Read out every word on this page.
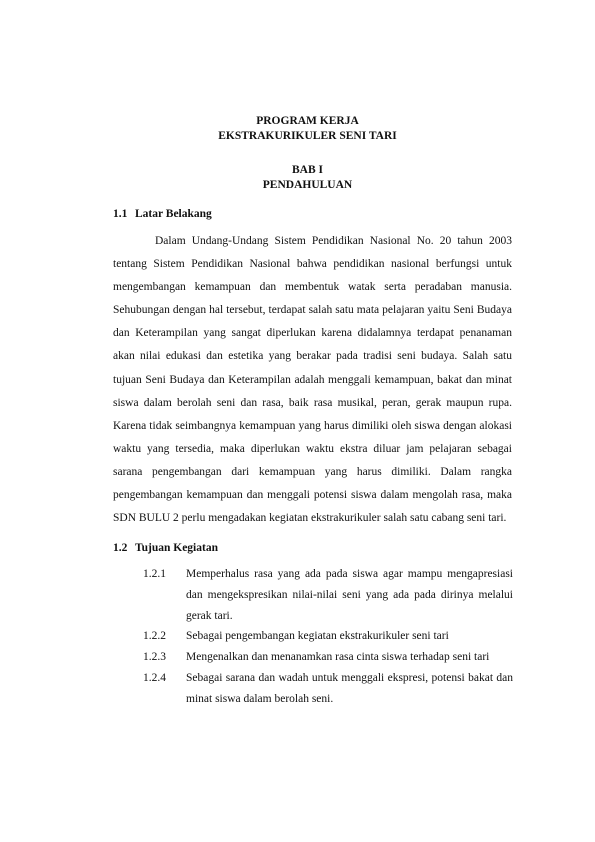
PROGRAM KERJA
EKSTRAKURIKULER SENI TARI
BAB I
PENDAHULUAN
1.1 Latar Belakang

Dalam Undang-Undang Sistem Pendidikan Nasional No. 20 tahun 2003 tentang Sistem Pendidikan Nasional bahwa pendidikan nasional berfungsi untuk mengembangan kemampuan dan membentuk watak serta peradaban manusia. Sehubungan dengan hal tersebut, terdapat salah satu mata pelajaran yaitu Seni Budaya dan Keterampilan yang sangat diperlukan karena didalamnya terdapat penanaman akan nilai edukasi dan estetika yang berakar pada tradisi seni budaya. Salah satu tujuan Seni Budaya dan Keterampilan adalah menggali kemampuan, bakat dan minat siswa dalam berolah seni dan rasa, baik rasa musikal, peran, gerak maupun rupa. Karena tidak seimbangnya kemampuan yang harus dimiliki oleh siswa dengan alokasi waktu yang tersedia, maka diperlukan waktu ekstra diluar jam pelajaran sebagai sarana pengembangan dari kemampuan yang harus dimiliki. Dalam rangka pengembangan kemampuan dan menggali potensi siswa dalam mengolah rasa, maka SDN BULU 2 perlu mengadakan kegiatan ekstrakurikuler salah satu cabang seni tari.

1.2 Tujuan Kegiatan
1.2.1	Memperhalus rasa yang ada pada siswa agar mampu mengapresiasi dan mengekspresikan nilai-nilai seni yang ada pada dirinya melalui gerak tari.
1.2.2	Sebagai pengembangan kegiatan ekstrakurikuler seni tari
1.2.3	Mengenalkan dan menanamkan rasa cinta siswa terhadap seni tari
1.2.4	Sebagai sarana dan wadah untuk menggali ekspresi, potensi bakat dan minat siswa dalam berolah seni.
